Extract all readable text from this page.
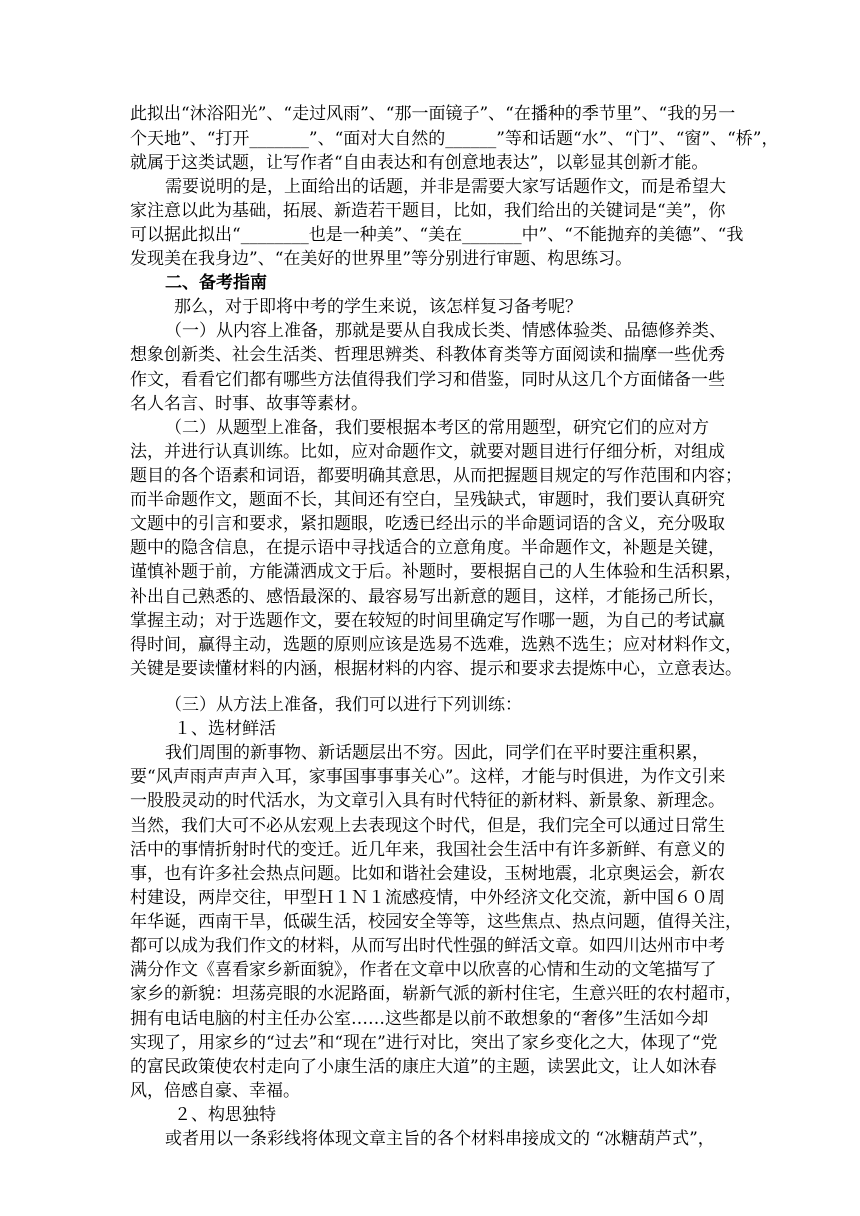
此拟出“沐浴阳光”、“走过风雨”、“那一面镜子”、“在播种的季节里”、“我的另一
个天地”、“打开_______”、“面对大自然的______”等和话题“水”、“门”、“窗”、“桥”，
就属于这类试题，让写作者“自由表达和有创意地表达”，以彰显其创新才能。
需要说明的是，上面给出的话题，并非是需要大家写话题作文，而是希望大
家注意以此为基础，拓展、新造若干题目，比如，我们给出的关键词是“美”，你
可以据此拟出“________也是一种美”、“美在_______中”、“不能抛弃的美德”、“我
发现美在我身边”、“在美好的世界里”等分别进行审题、构思练习。
二、备考指南
那么，对于即将中考的学生来说，该怎样复习备考呢？
（一）从内容上准备，那就是要从自我成长类、情感体验类、品德修养类、
想象创新类、社会生活类、哲理思辨类、科教体育类等方面阅读和揣摩一些优秀
作文，看看它们都有哪些方法值得我们学习和借鉴，同时从这几个方面储备一些
名人名言、时事、故事等素材。
（二）从题型上准备，我们要根据本考区的常用题型，研究它们的应对方
法，并进行认真训练。比如，应对命题作文，就要对题目进行仔细分析，对组成
题目的各个语素和词语，都要明确其意思，从而把握题目规定的写作范围和内容；
而半命题作文，题面不长，其间还有空白，呈残缺式，审题时，我们要认真研究
文题中的引言和要求，紧扣题眼，吃透已经出示的半命题词语的含义，充分吸取
题中的隐含信息，在提示语中寻找适合的立意角度。半命题作文，补题是关键，
谨慎补题于前，方能潇洒成文于后。补题时，要根据自己的人生体验和生活积累，
补出自己熟悉的、感悟最深的、最容易写出新意的题目，这样，才能扬己所长，
掌握主动；对于选题作文，要在较短的时间里确定写作哪一题，为自己的考试赢
得时间，赢得主动，选题的原则应该是选易不选难，选熟不选生；应对材料作文，
关键是要读懂材料的内涵，根据材料的内容、提示和要求去提炼中心，立意表达。
（三）从方法上准备，我们可以进行下列训练：
１、选材鲜活
我们周围的新事物、新话题层出不穷。因此，同学们在平时要注重积累，
要“风声雨声声声入耳，家事国事事事关心”。这样，才能与时俱进，为作文引来
一股股灵动的时代活水，为文章引入具有时代特征的新材料、新景象、新理念。
当然，我们大可不必从宏观上去表现这个时代，但是，我们完全可以通过日常生
活中的事情折射时代的变迁。近几年来，我国社会生活中有许多新鲜、有意义的
事，也有许多社会热点问题。比如和谐社会建设，玉树地震，北京奥运会，新农
村建设，两岸交往，甲型Ｈ１Ｎ１流感疫情，中外经济文化交流，新中国６０周
年华诞，西南干旱，低碳生活，校园安全等等，这些焦点、热点问题，值得关注，
都可以成为我们作文的材料，从而写出时代性强的鲜活文章。如四川达州市中考
满分作文《喜看家乡新面貌》，作者在文章中以欣喜的心情和生动的文笔描写了
家乡的新貌：坦荡亮眼的水泥路面，崭新气派的新村住宅，生意兴旺的农村超市，
拥有电话电脑的村主任办公室……这些都是以前不敢想象的“奢侈”生活如今却
实现了，用家乡的“过去”和“现在”进行对比，突出了家乡变化之大，体现了“党
的富民政策使农村走向了小康生活的康庄大道”的主题，读罢此文，让人如沐春
风，倍感自豪、幸福。
２、构思独特
或者用以一条彩线将体现文章主旨的各个材料串接成文的 “冰糖葫芦式”，
